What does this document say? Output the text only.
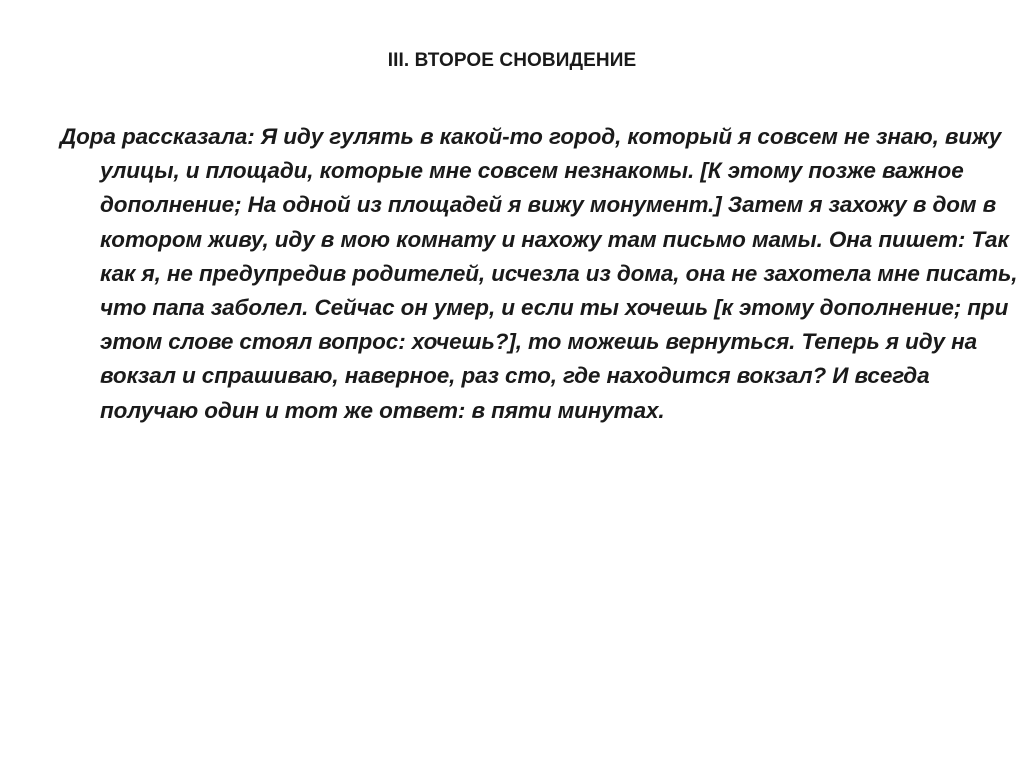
III. ВТОРОЕ СНОВИДЕНИЕ

Дора рассказала: Я иду гулять в какой-то город, который я совсем не знаю, вижу улицы, и площади, которые мне совсем незнакомы. [К этому позже важное дополнение; На одной из площадей я вижу монумент.] Затем я захожу в дом в котором живу, иду в мою комнату и нахожу там письмо мамы. Она пишет: Так как я, не предупредив родителей, исчезла из дома, она не захотела мне писать, что папа заболел. Сейчас он умер, и если ты хочешь [к этому дополнение; при этом слове стоял вопрос: хочешь?], то можешь вернуться. Теперь я иду на вокзал и спрашиваю, наверное, раз сто, где находится вокзал? И всегда получаю один и тот же ответ: в пяти минутах.
